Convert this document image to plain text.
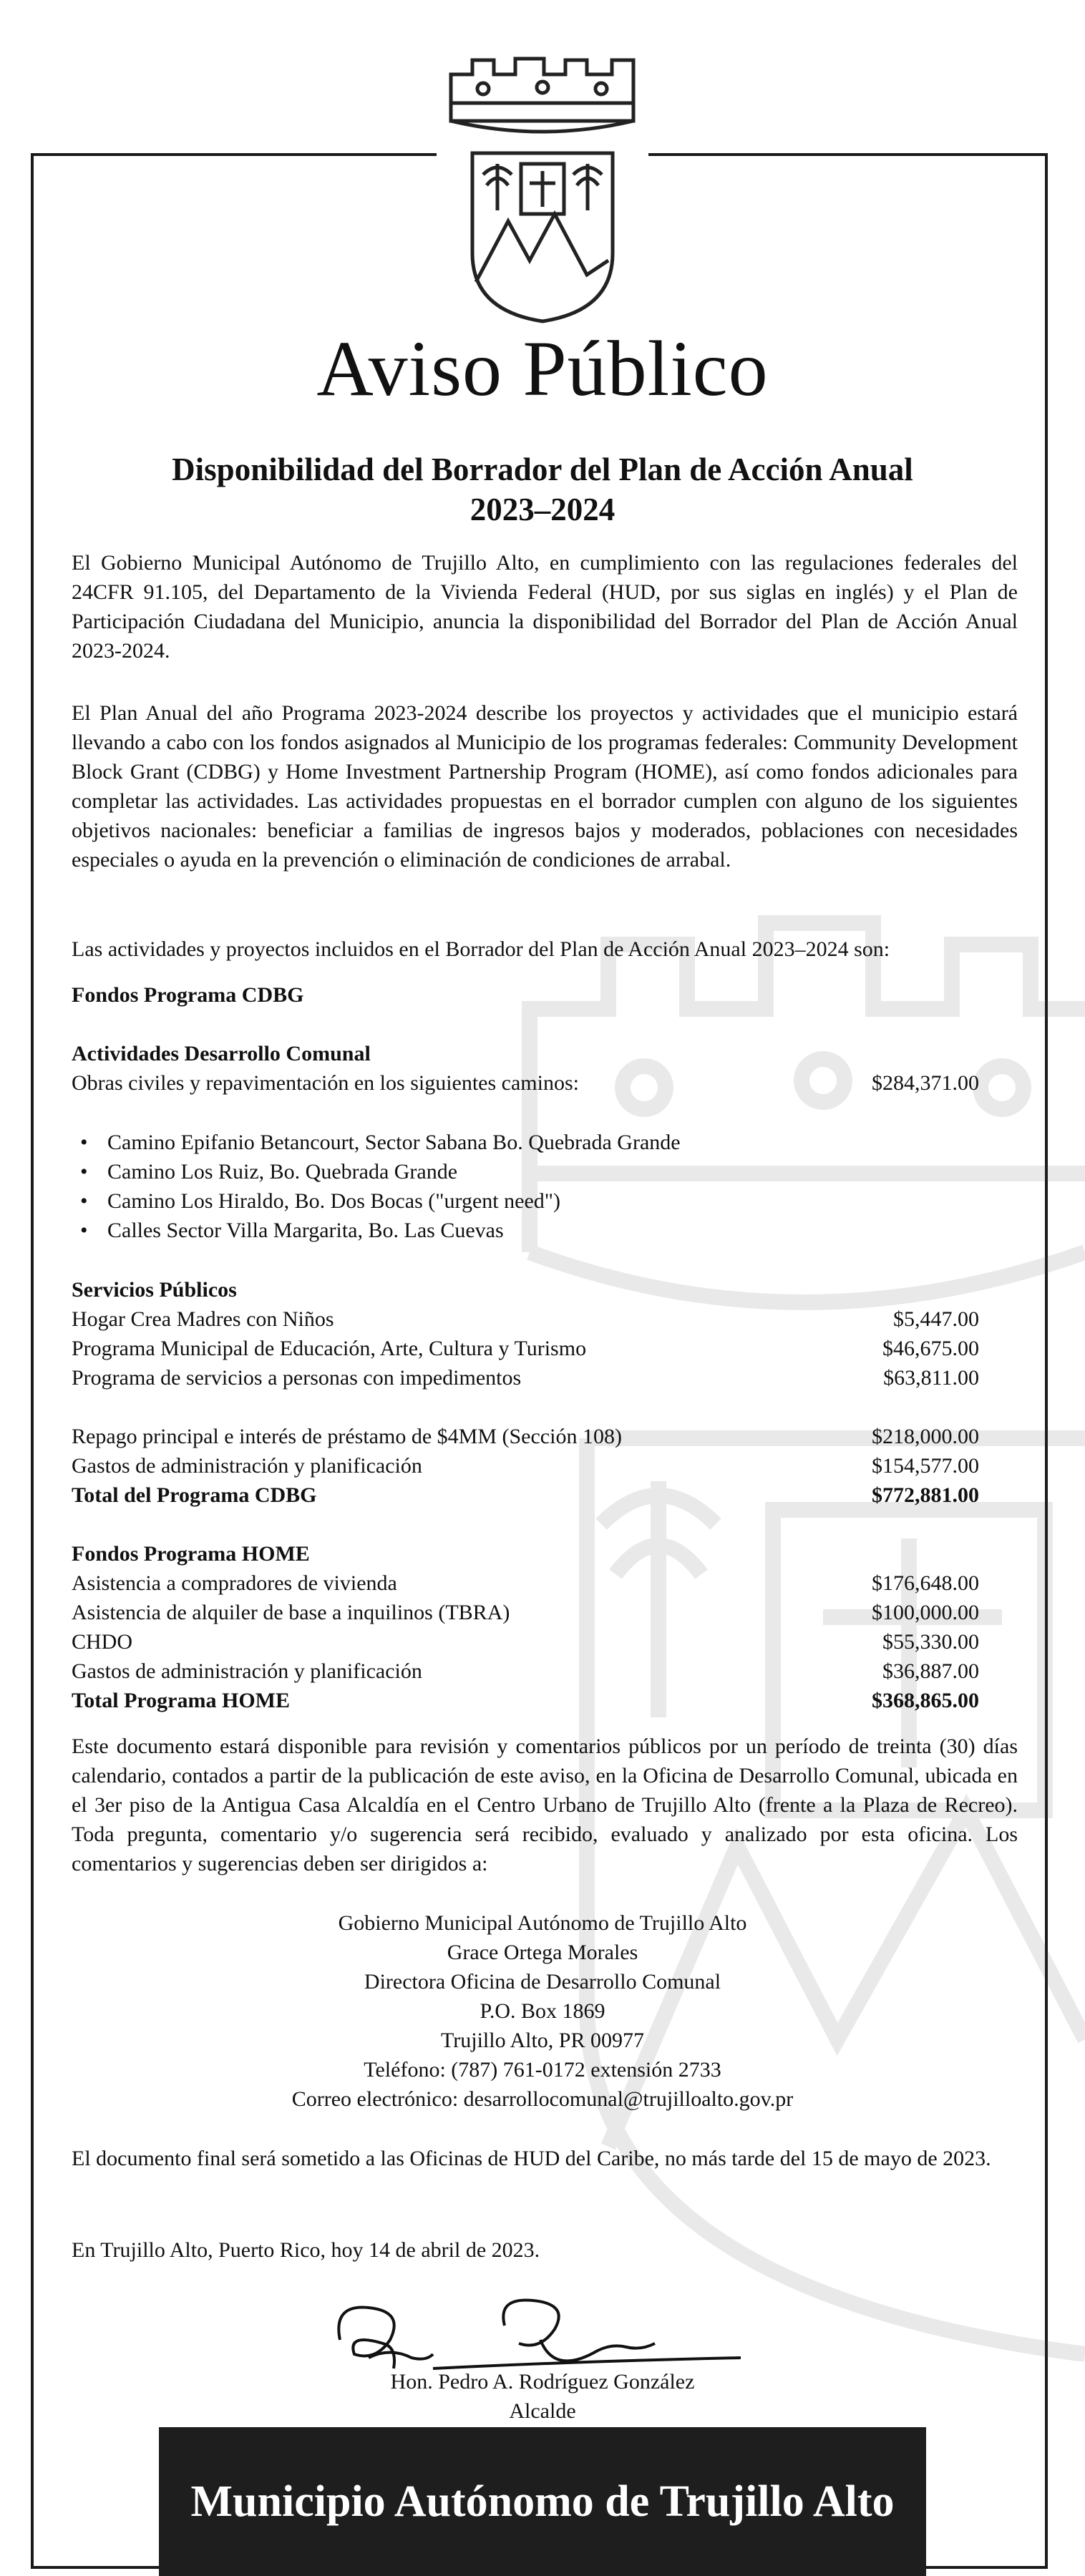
Aviso Público
Disponibilidad del Borrador del Plan de Acción Anual
2023–2024

El Gobierno Municipal Autónomo de Trujillo Alto, en cumplimiento con las regulaciones federales del 24CFR 91.105, del Departamento de la Vivienda Federal (HUD, por sus siglas en inglés) y el Plan de Participación Ciudadana del Municipio, anuncia la disponibilidad del Borrador del Plan de Acción Anual 2023-2024.

El Plan Anual del año Programa 2023-2024 describe los proyectos y actividades que el municipio estará llevando a cabo con los fondos asignados al Municipio de los programas federales: Community Development Block Grant (CDBG) y Home Investment Partnership Program (HOME), así como fondos adicionales para completar las actividades. Las actividades propuestas en el borrador cumplen con alguno de los siguientes objetivos nacionales: beneficiar a familias de ingresos bajos y moderados, poblaciones con necesidades especiales o ayuda en la prevención o eliminación de condiciones de arrabal.

Las actividades y proyectos incluidos en el Borrador del Plan de Acción Anual 2023–2024 son:

Fondos Programa CDBG
Actividades Desarrollo Comunal
Obras civiles y repavimentación en los siguientes caminos:	$284,371.00
• Camino Epifanio Betancourt, Sector Sabana Bo. Quebrada Grande
• Camino Los Ruiz, Bo. Quebrada Grande
• Camino Los Hiraldo, Bo. Dos Bocas ("urgent need")
• Calles Sector Villa Margarita, Bo. Las Cuevas
Servicios Públicos
Hogar Crea Madres con Niños	$5,447.00
Programa Municipal de Educación, Arte, Cultura y Turismo	$46,675.00
Programa de servicios a personas con impedimentos	$63,811.00
Repago principal e interés de préstamo de $4MM (Sección 108)	$218,000.00
Gastos de administración y planificación	$154,577.00
Total del Programa CDBG	$772,881.00
Fondos Programa HOME
Asistencia a compradores de vivienda	$176,648.00
Asistencia de alquiler de base a inquilinos (TBRA)	$100,000.00
CHDO	$55,330.00
Gastos de administración y planificación	$36,887.00
Total Programa HOME	$368,865.00

Este documento estará disponible para revisión y comentarios públicos por un período de treinta (30) días calendario, contados a partir de la publicación de este aviso, en la Oficina de Desarrollo Comunal, ubicada en el 3er piso de la Antigua Casa Alcaldía en el Centro Urbano de Trujillo Alto (frente a la Plaza de Recreo). Toda pregunta, comentario y/o sugerencia será recibido, evaluado y analizado por esta oficina. Los comentarios y sugerencias deben ser dirigidos a:

Gobierno Municipal Autónomo de Trujillo Alto
Grace Ortega Morales
Directora Oficina de Desarrollo Comunal
P.O. Box 1869
Trujillo Alto, PR 00977
Teléfono: (787) 761-0172 extensión 2733
Correo electrónico: desarrollocomunal@trujilloalto.gov.pr

El documento final será sometido a las Oficinas de HUD del Caribe, no más tarde del 15 de mayo de 2023.

En Trujillo Alto, Puerto Rico, hoy 14 de abril de 2023.

Hon. Pedro A. Rodríguez González
Alcalde
Municipio Autónomo de Trujillo Alto
